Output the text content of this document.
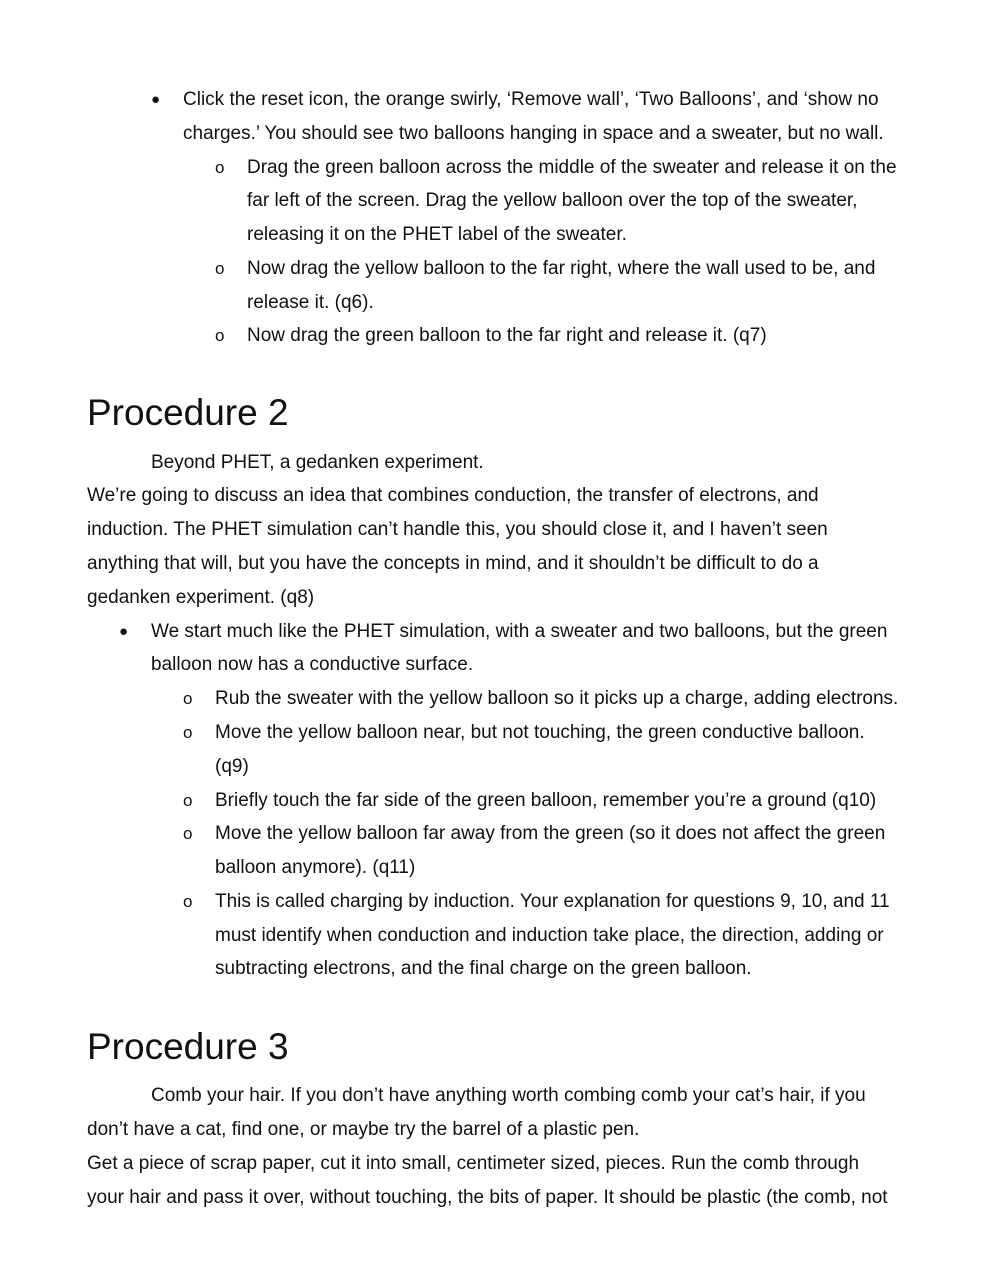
● Click the reset icon, the orange swirly, ‘Remove wall’, ‘Two Balloons’, and ‘show no
charges.’ You should see two balloons hanging in space and a sweater, but no wall.
o Drag the green balloon across the middle of the sweater and release it on the
far left of the screen. Drag the yellow balloon over the top of the sweater,
releasing it on the PHET label of the sweater.
o Now drag the yellow balloon to the far right, where the wall used to be, and
release it. (q6).
o Now drag the green balloon to the far right and release it. (q7)
Procedure 2
Beyond PHET, a gedanken experiment.
We’re going to discuss an idea that combines conduction, the transfer of electrons, and
induction. The PHET simulation can’t handle this, you should close it, and I haven’t seen
anything that will, but you have the concepts in mind, and it shouldn’t be difficult to do a
gedanken experiment. (q8)
● We start much like the PHET simulation, with a sweater and two balloons, but the green
balloon now has a conductive surface.
o Rub the sweater with the yellow balloon so it picks up a charge, adding electrons.
o Move the yellow balloon near, but not touching, the green conductive balloon.
(q9)
o Briefly touch the far side of the green balloon, remember you’re a ground (q10)
o Move the yellow balloon far away from the green (so it does not affect the green
balloon anymore). (q11)
o This is called charging by induction. Your explanation for questions 9, 10, and 11
must identify when conduction and induction take place, the direction, adding or
subtracting electrons, and the final charge on the green balloon.
Procedure 3
Comb your hair. If you don’t have anything worth combing comb your cat’s hair, if you
don’t have a cat, find one, or maybe try the barrel of a plastic pen.
Get a piece of scrap paper, cut it into small, centimeter sized, pieces. Run the comb through
your hair and pass it over, without touching, the bits of paper. It should be plastic (the comb, not
